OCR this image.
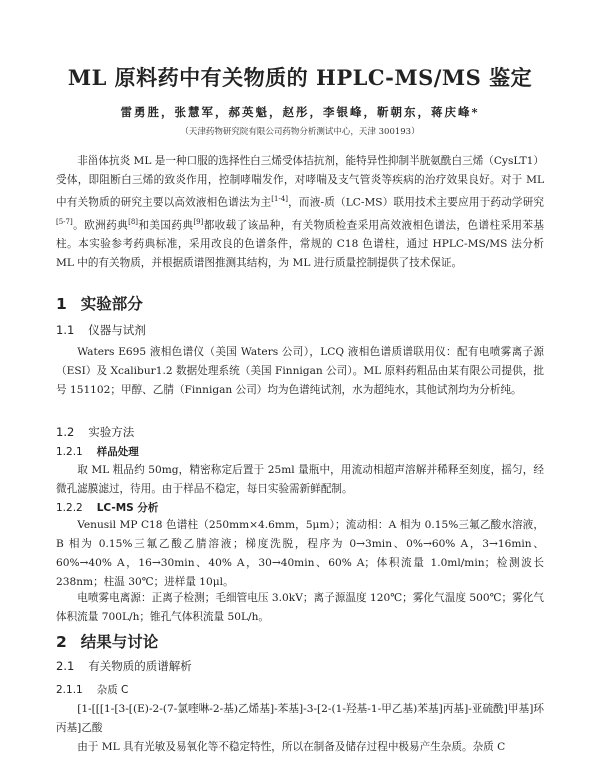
ML 原料药中有关物质的 HPLC-MS/MS 鉴定
雷勇胜，张慧军，郝英魁，赵彤，李银峰，靳朝东，蒋庆峰*
（天津药物研究院有限公司药物分析测试中心，天津 300193）
非甾体抗炎 ML 是一种口服的选择性白三烯受体拮抗剂，能特异性抑制半胱氨酰白三烯（CysLT1）受体，即阻断白三烯的致炎作用，控制哮喘发作，对哮喘及支气管炎等疾病的治疗效果良好。对于 ML 中有关物质的研究主要以高效液相色谱法为主[1-4]，而液-质（LC-MS）联用技术主要应用于药动学研究[5-7]。欧洲药典[8]和美国药典[9]都收载了该品种，有关物质检查采用高效液相色谱法，色谱柱采用苯基柱。本实验参考药典标准，采用改良的色谱条件，常规的 C18 色谱柱，通过 HPLC-MS/MS 法分析 ML 中的有关物质，并根据质谱图推测其结构，为 ML 进行质量控制提供了技术保证。
1 实验部分
1.1 仪器与试剂
Waters E695 液相色谱仪（美国 Waters 公司），LCQ 液相色谱质谱联用仪：配有电喷雾离子源（ESI）及 Xcalibur1.2 数据处理系统（美国 Finnigan 公司）。ML 原料药粗品由某有限公司提供，批号 151102；甲醇、乙腈（Finnigan 公司）均为色谱纯试剂，水为超纯水，其他试剂均为分析纯。
1.2 实验方法
1.2.1 样品处理
取 ML 粗品约 50mg，精密称定后置于 25ml 量瓶中，用流动相超声溶解并稀释至刻度，摇匀，经微孔滤膜滤过，待用。由于样品不稳定，每日实验需新鲜配制。
1.2.2 LC-MS 分析
Venusil MP C18 色谱柱（250mm×4.6mm，5μm）；流动相：A 相为 0.15%三氟乙酸水溶液，B 相为 0.15%三氟乙酸乙腈溶液；梯度洗脱，程序为 0→3min、0%→60% A，3→16min、60%→40% A，16→30min、40% A，30→40min、60% A；体积流量 1.0ml/min；检测波长 238nm；柱温 30℃；进样量 10μl。
电喷雾电离源：正离子检测；毛细管电压 3.0kV；离子源温度 120℃；雾化气温度 500℃；雾化气体积流量 700L/h；锥孔气体积流量 50L/h。
2 结果与讨论
2.1 有关物质的质谱解析
2.1.1 杂质 C
[1-[[[1-[3-[(E)-2-(7-氯喹啉-2-基)乙烯基]-苯基]-3-[2-(1-羟基-1-甲乙基)苯基]丙基]-亚硫酰]甲基]环丙基]乙酸
由于 ML 具有光敏及易氧化等不稳定特性，所以在制备及储存过程中极易产生杂质。杂质 C
